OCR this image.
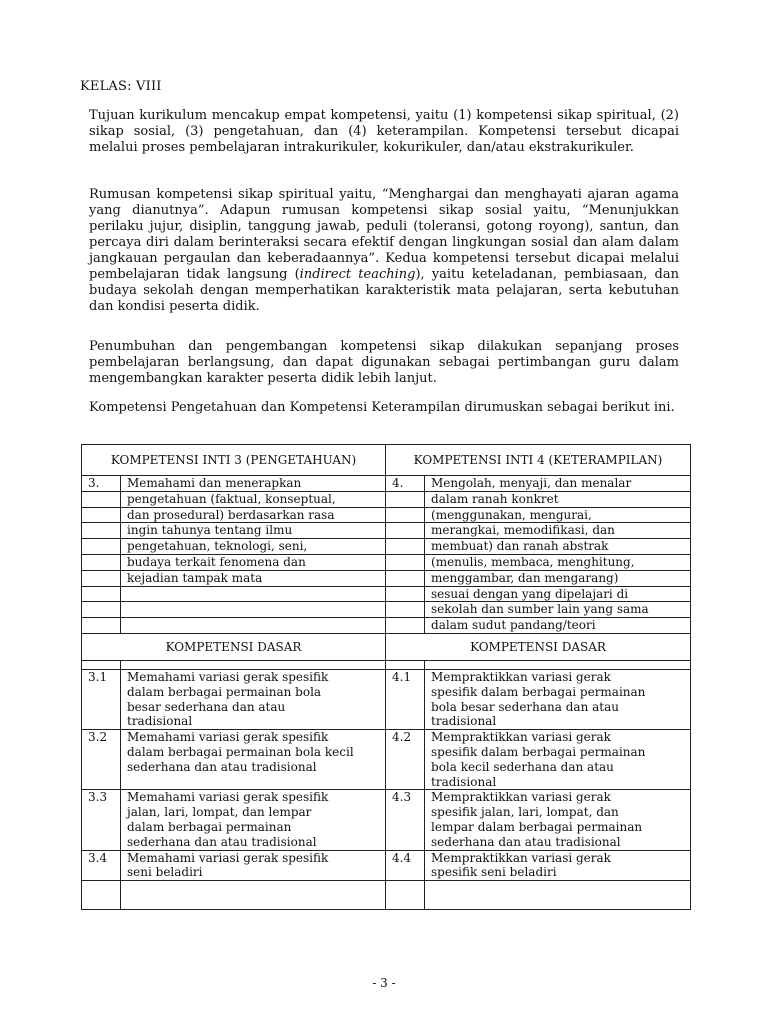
KELAS: VIII

Tujuan kurikulum mencakup empat kompetensi, yaitu (1) kompetensi sikap spiritual, (2) sikap sosial, (3) pengetahuan, dan (4) keterampilan. Kompetensi tersebut dicapai melalui proses pembelajaran intrakurikuler, kokurikuler, dan/atau ekstrakurikuler.

Rumusan kompetensi sikap spiritual yaitu, “Menghargai dan menghayati ajaran agama yang dianutnya”. Adapun rumusan kompetensi sikap sosial yaitu, “Menunjukkan perilaku jujur, disiplin, tanggung jawab, peduli (toleransi, gotong royong), santun, dan percaya diri dalam berinteraksi secara efektif dengan lingkungan sosial dan alam dalam jangkauan pergaulan dan keberadaannya”. Kedua kompetensi tersebut dicapai melalui pembelajaran tidak langsung (indirect teaching), yaitu keteladanan, pembiasaan, dan budaya sekolah dengan memperhatikan karakteristik mata pelajaran, serta kebutuhan dan kondisi peserta didik.

Penumbuhan dan pengembangan kompetensi sikap dilakukan sepanjang proses pembelajaran berlangsung, dan dapat digunakan sebagai pertimbangan guru dalam mengembangkan karakter peserta didik lebih lanjut.

Kompetensi Pengetahuan dan Kompetensi Keterampilan dirumuskan sebagai berikut ini.

KOMPETENSI INTI 3 (PENGETAHUAN)		KOMPETENSI INTI 4 (KETERAMPILAN)	
3.	Memahami dan menerapkan	4.	Mengolah, menyaji, dan menalar
	pengetahuan (faktual, konseptual,		dalam ranah konkret
	dan prosedural) berdasarkan rasa		(menggunakan, mengurai,
	ingin tahunya tentang ilmu		merangkai, memodifikasi, dan
	pengetahuan, teknologi, seni,		membuat) dan ranah abstrak
	budaya terkait fenomena dan		(menulis, membaca, menghitung,
	kejadian tampak mata		menggambar, dan mengarang)
			sesuai dengan yang dipelajari di
			sekolah dan sumber lain yang sama
			dalam sudut pandang/teori
KOMPETENSI DASAR		KOMPETENSI DASAR	

3.1	Memahami variasi gerak spesifik	4.1	Mempraktikkan variasi gerak
	dalam berbagai permainan bola		spesifik dalam berbagai permainan
	besar sederhana dan atau		bola besar sederhana dan atau
	tradisional		tradisional
3.2	Memahami variasi gerak spesifik	4.2	Mempraktikkan variasi gerak
	dalam berbagai permainan bola kecil		spesifik dalam berbagai permainan
	sederhana dan atau tradisional		bola kecil sederhana dan atau
			tradisional
3.3	Memahami variasi gerak spesifik	4.3	Mempraktikkan variasi gerak
	jalan, lari, lompat, dan lempar		spesifik jalan, lari, lompat, dan
	dalam berbagai permainan		lempar dalam berbagai permainan
	sederhana dan atau tradisional		sederhana dan atau tradisional
3.4	Memahami variasi gerak spesifik	4.4	Mempraktikkan variasi gerak
	seni beladiri		spesifik seni beladiri

- 3 -
